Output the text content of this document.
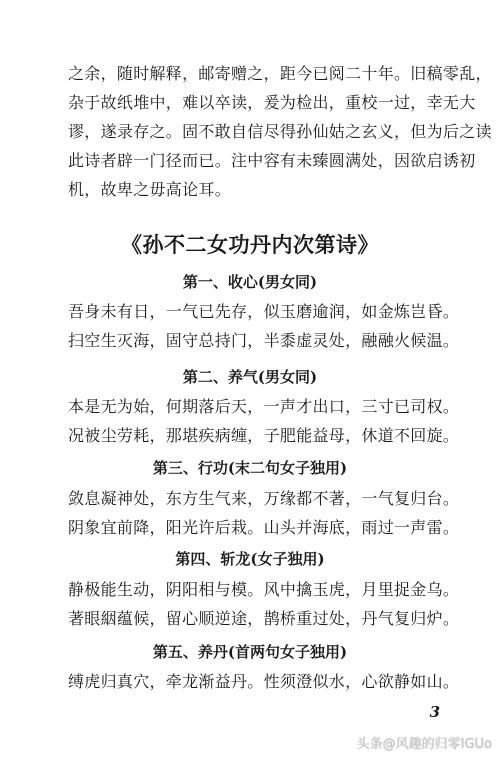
之余，随时解释，邮寄赠之，距今已阅二十年。旧稿零乱，
杂于故纸堆中，难以卒读，爰为检出，重校一过，幸无大
谬，遂录存之。固不敢自信尽得孙仙姑之玄义，但为后之读
此诗者辟一门径而已。注中容有未臻圆满处，因欲启诱初
机，故卑之毋高论耳。
《孙不二女功丹内次第诗》
第一、收心(男女同)
吾身未有日，一气已先存，似玉磨逾润，如金炼岂昏。
扫空生灭海，固守总持门，半黍虚灵处，融融火候温。
第二、养气(男女同)
本是无为始，何期落后天，一声才出口，三寸已司权。
况被尘劳耗，那堪疾病缠，子肥能益母，休道不回旋。
第三、行功(末二句女子独用)
敛息凝神处，东方生气来，万缘都不著，一气复归台。
阴象宜前降，阳光许后栽。山头并海底，雨过一声雷。
第四、斩龙(女子独用)
静极能生动，阴阳相与模。风中擒玉虎，月里捉金乌。
著眼絪蕴候，留心顺逆途，鹊桥重过处，丹气复归炉。
第五、养丹(首两句女子独用)
缚虎归真穴，牵龙渐益丹。性须澄似水，心欲静如山。
3
头条@风趣的归零IGUo
